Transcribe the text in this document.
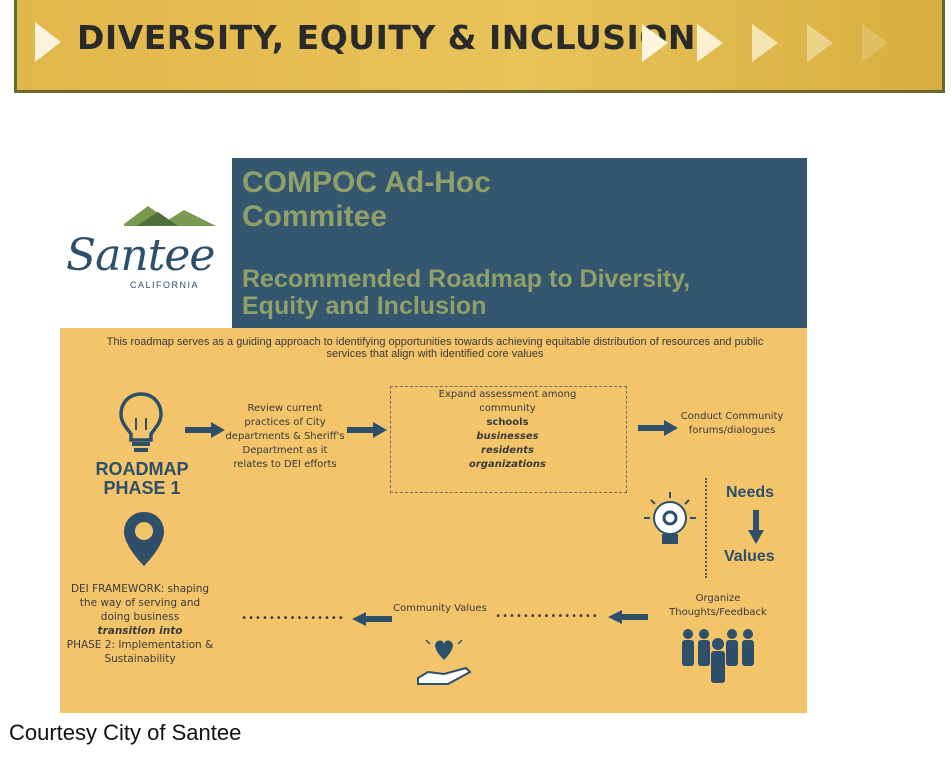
DIVERSITY, EQUITY & INCLUSION
Santee
CALIFORNIA
COMPOC Ad-Hoc Commitee
Recommended Roadmap to Diversity, Equity and Inclusion
This roadmap serves as a guiding approach to identifying opportunities towards achieving equitable distribution of resources and public services that align with identified core values
ROADMAP PHASE 1
Review current practices of City departments & Sheriff's Department as it relates to DEI efforts
Expand assessment among community
schools
businesses
residents
organizations
Conduct Community forums/dialogues
Needs
Values
Organize Thoughts/Feedback
•••••••••••••••
Community Values
•••••••••••••••
DEI FRAMEWORK: shaping the way of serving and doing business
transition into
PHASE 2: Implementation & Sustainability
Courtesy City of Santee
